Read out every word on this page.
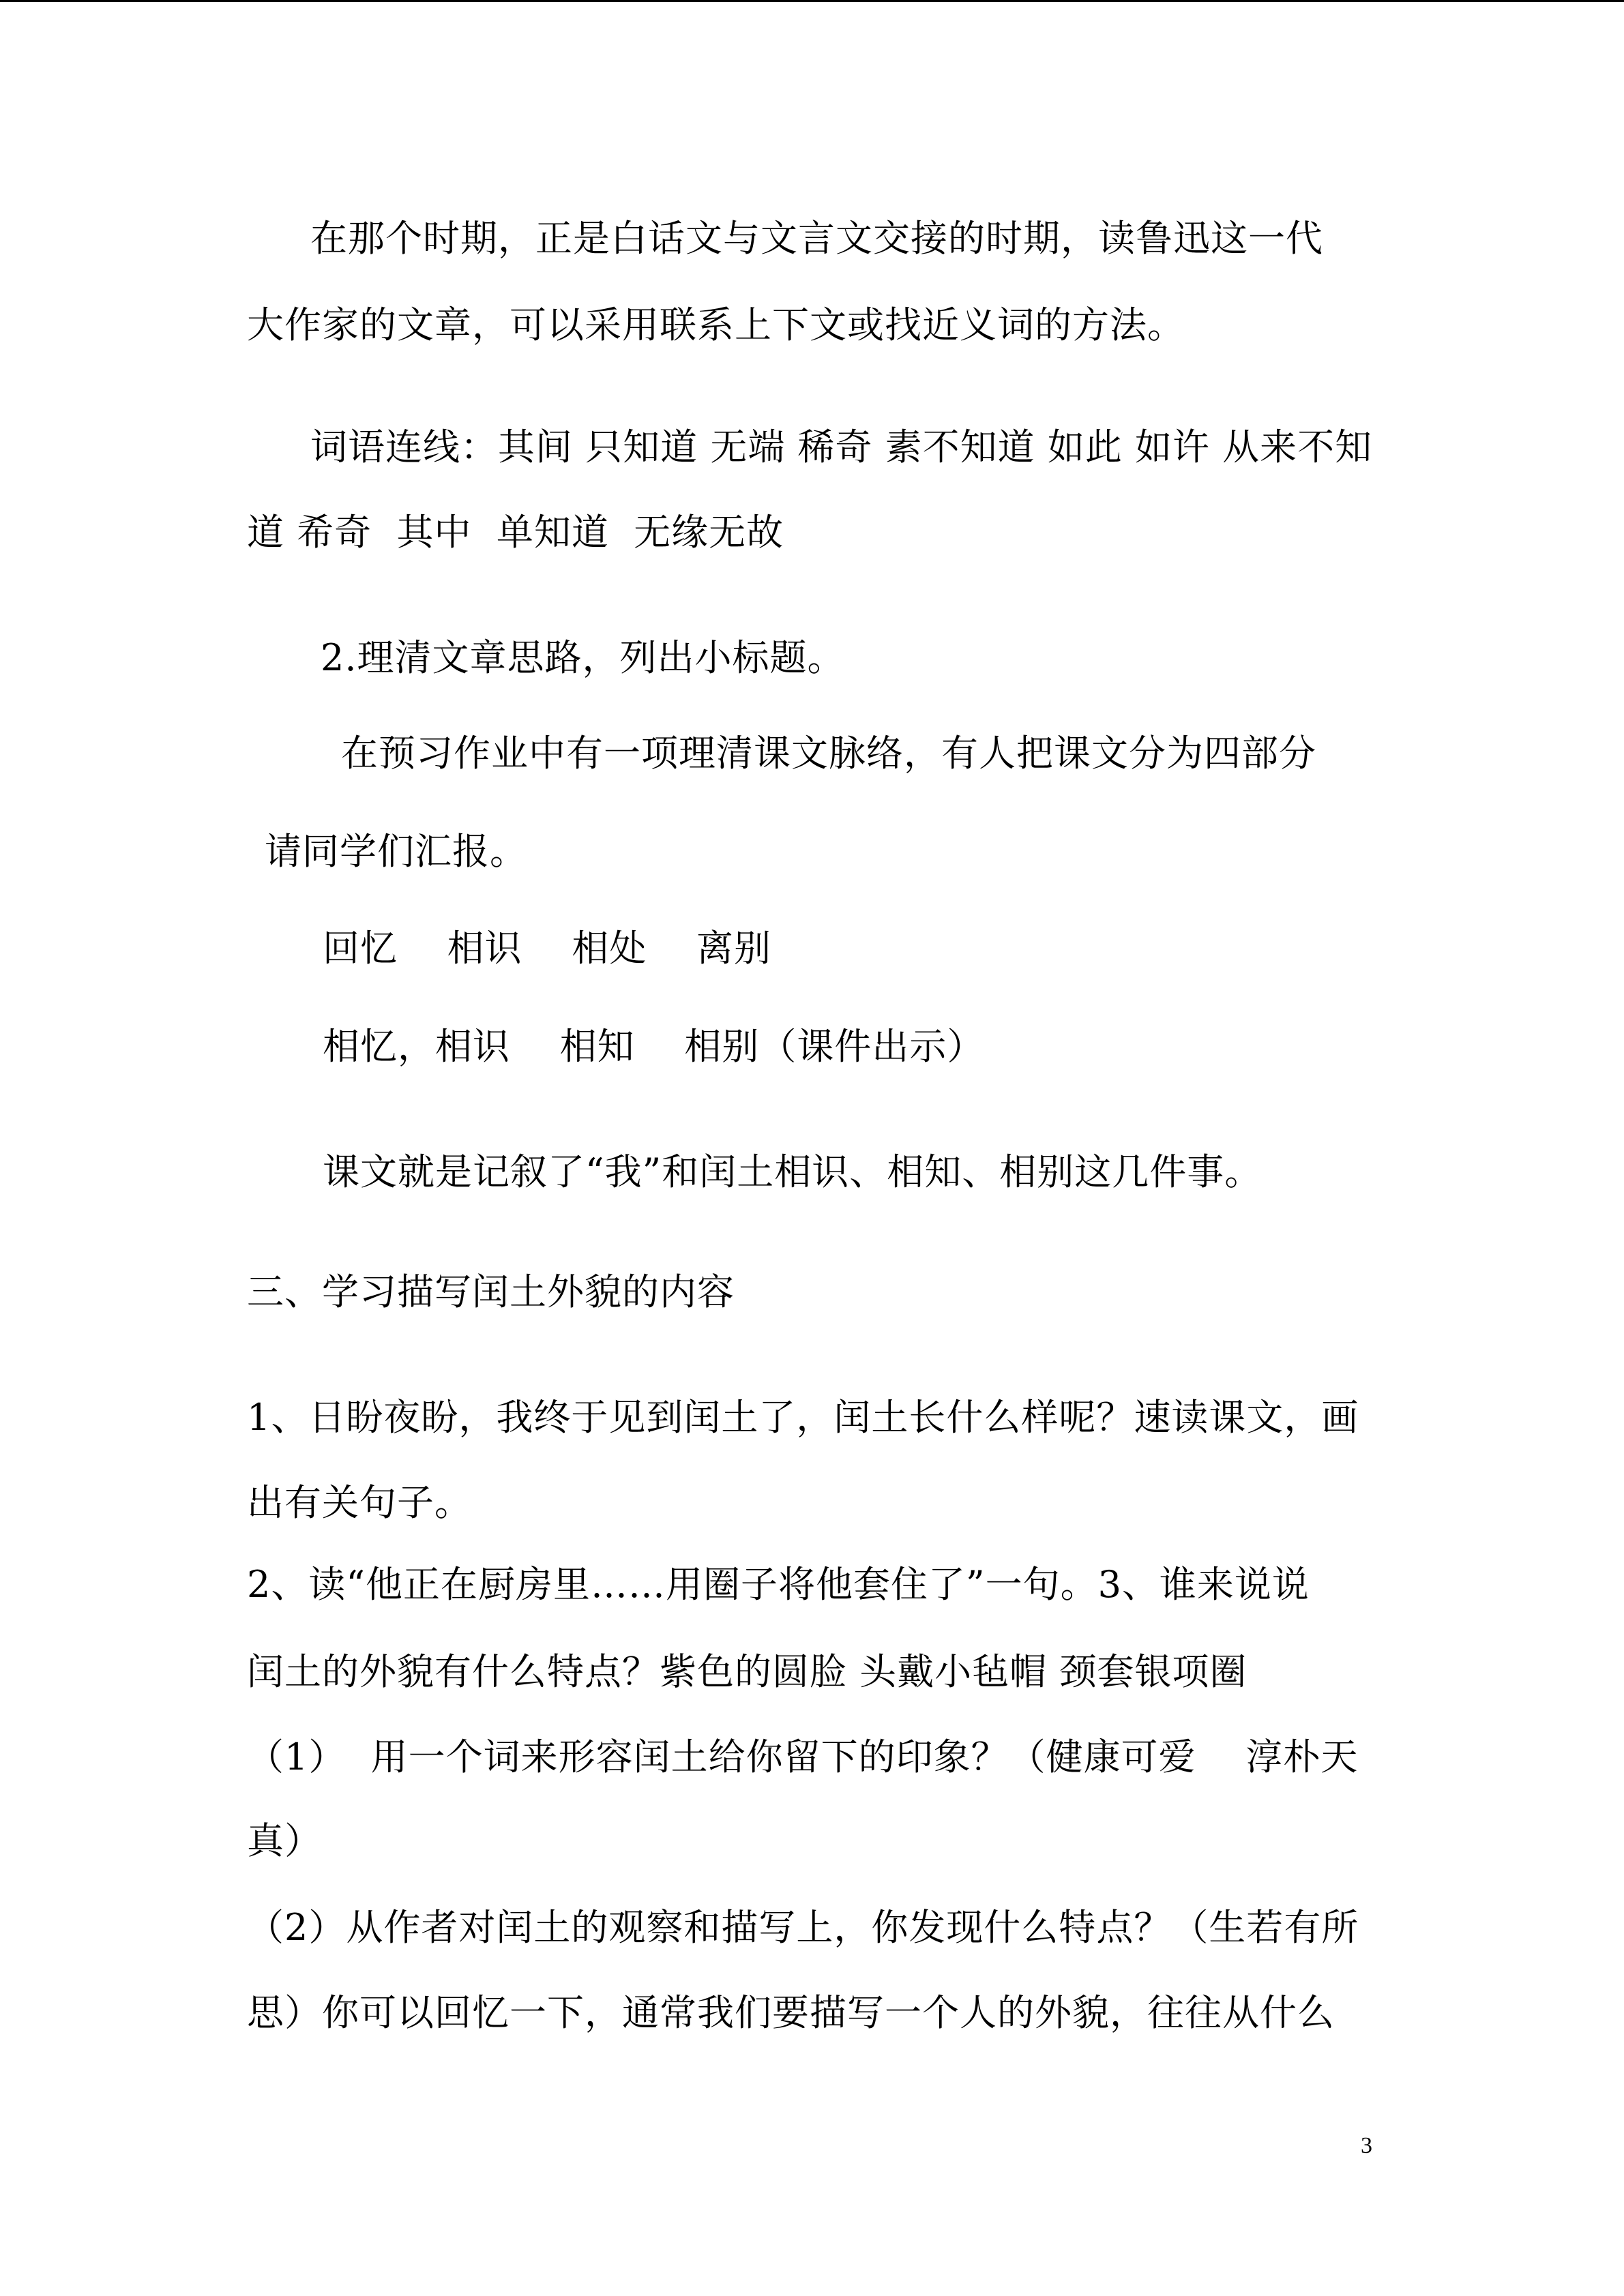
在那个时期，正是白话文与文言文交接的时期，读鲁迅这一代
大作家的文章，可以采用联系上下文或找近义词的方法。
词语连线：其间 只知道 无端 稀奇 素不知道 如此 如许 从来不知
道 希奇  其中  单知道  无缘无故
2.理清文章思路，列出小标题。
在预习作业中有一项理清课文脉络，有人把课文分为四部分
请同学们汇报。
回忆    相识    相处    离别
相忆，相识    相知    相别（课件出示）
课文就是记叙了“我”和闰土相识、相知、相别这几件事。
三、学习描写闰土外貌的内容
1、日盼夜盼，我终于见到闰土了，闰土长什么样呢？速读课文，画
出有关句子。
2、读“他正在厨房里……用圈子将他套住了”一句。3、谁来说说
闰土的外貌有什么特点？紫色的圆脸 头戴小毡帽 颈套银项圈
（1）  用一个词来形容闰土给你留下的印象？（健康可爱    淳朴天
真）
（2）从作者对闰土的观察和描写上，你发现什么特点？（生若有所
思）你可以回忆一下，通常我们要描写一个人的外貌，往往从什么
3
